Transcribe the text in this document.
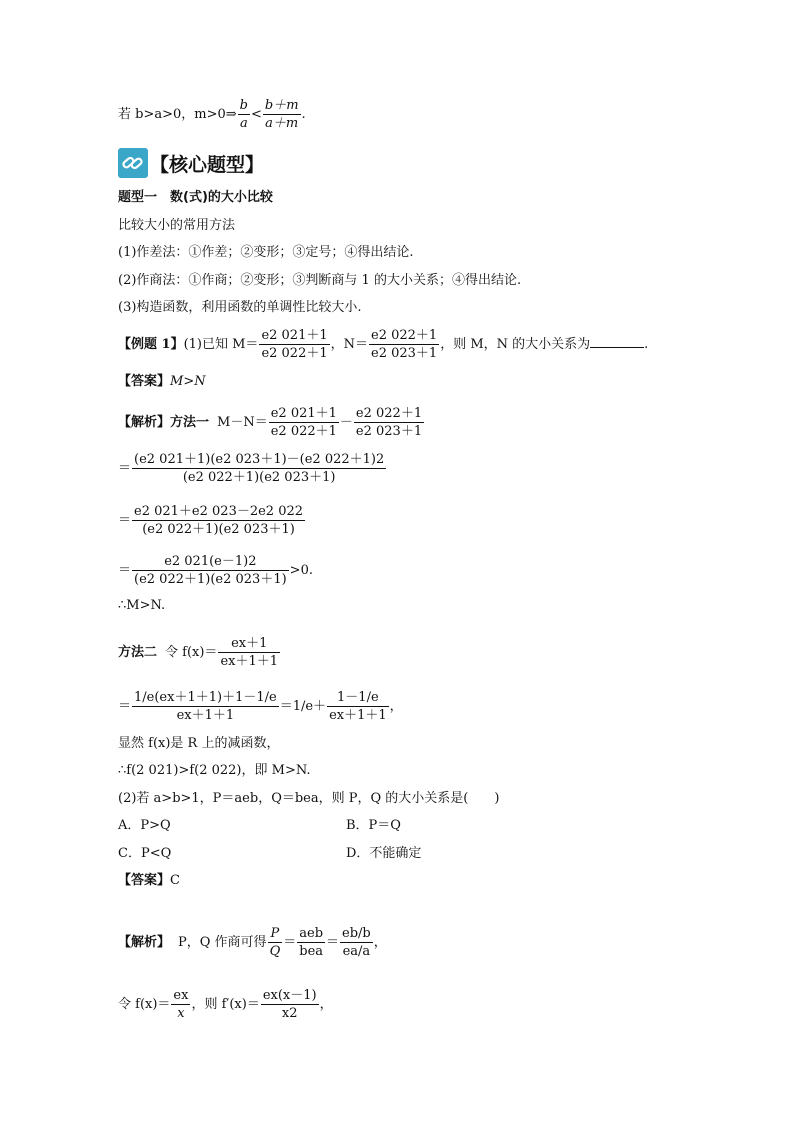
若 b>a>0，m>0⇒ $\frac{b}{a} < \frac{b+m}{a+m}$ .
【核心题型】
题型一　数(式)的大小比较
比较大小的常用方法
(1)作差法：①作差；②变形；③定号；④得出结论.
(2)作商法：①作商；②变形；③判断商与 1 的大小关系；④得出结论.
(3)构造函数，利用函数的单调性比较大小.
【例题 1】(1)已知 $M= \frac{e2 021+1}{e2 022+1}$ ，$N= \frac{e2 022+1}{e2 023+1}$ ，则 M，N 的大小关系为	.
【答案】M>N
【解析】方法一 $M-N= \frac{e2 021+1}{e2 022+1} - \frac{e2 022+1}{e2 023+1}$
＝ $\frac{(e2 021+1)(e2 023+1)-(e2 022+1)2}{(e2 022+1)(e2 023+1)}$
＝ $\frac{e2 021+e2 023-2e2 022}{(e2 022+1)(e2 023+1)}$
＝ $\frac{e2 021(e-1)2}{(e2 022+1)(e2 023+1)} >0$.
∴M>N.
方法二 令 $f(x)= \frac{ex+1}{ex+1+1}$
＝ $\frac{1/e(ex+1+1)+1-1/e}{ex+1+1} =1/e+ \frac{1-1/e}{ex+1+1}$ ，
显然 f(x)是 R 上的减函数，
∴f(2 021)>f(2 022)，即 M>N.
(2)若 a>b>1，P＝aeb，Q＝bea，则 P，Q 的大小关系是(　　)
A．P>Q	B．P＝Q
C．P<Q	D．不能确定
【答案】C
【解析】 P，Q 作商可得 $\frac{P}{Q} = \frac{\text{aeb}}{\text{bea}} = \frac{eb/b}{ea/a}$ ，
令 $f(x)= \frac{ex}{x}$ ，则 $f'(x)= \frac{ex(x-1)}{x2}$ ，
